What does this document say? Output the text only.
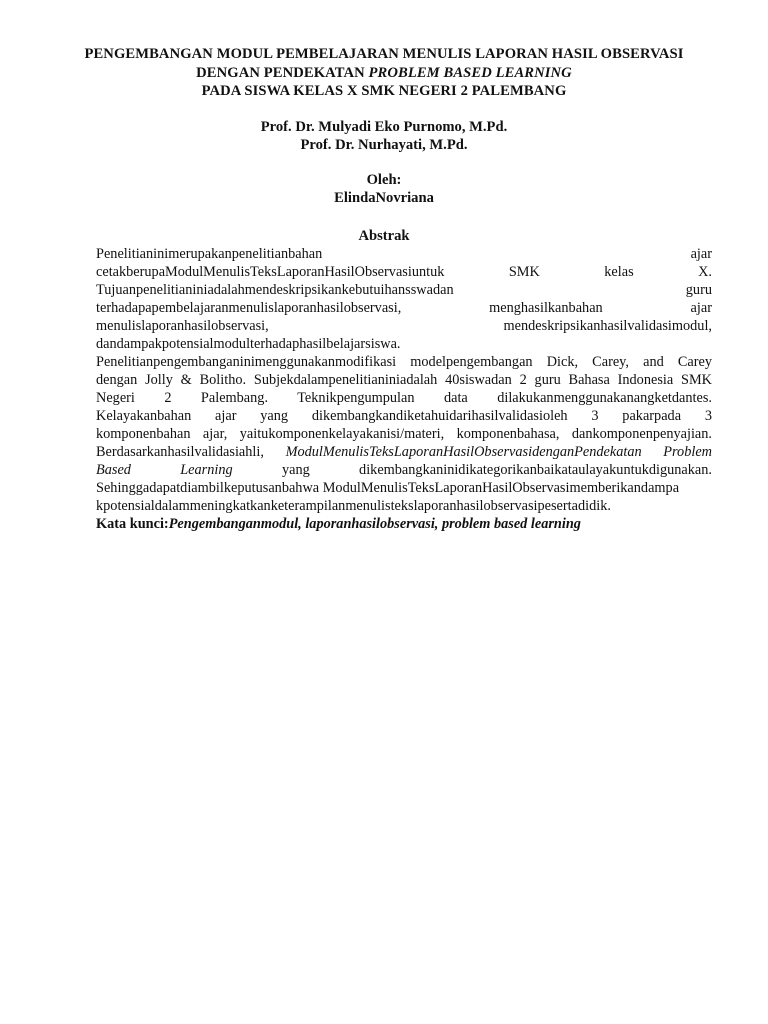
PENGEMBANGAN MODUL PEMBELAJARAN MENULIS LAPORAN HASIL OBSERVASI
DENGAN PENDEKATAN PROBLEM BASED LEARNING
PADA SISWA KELAS X SMK NEGERI 2 PALEMBANG
Prof. Dr. Mulyadi Eko Purnomo, M.Pd.
Prof. Dr. Nurhayati, M.Pd.
Oleh:
ElindaNovriana
Abstrak
Penelitianinimerupakanpenelitianbahan ajar
cetakberupaModulMenulisTeksLaporanHasilObservasiuntuk SMK kelas X.
Tujuanpenelitianiniadalahmendeskripsikankebutuihansswadan guru
terhadapapembelajaranmenulislaporanhasilobservasi, menghasilkanbahan ajar
menulislaporanhasilobservasi, mendeskripsikanhasilvalidasimodul,
dandampakpotensialmodulterhadaphasilbelajarsiswa.
Penelitianpengembanganinimenggunakanmodifikasi modelpengembangan Dick, Carey, and Carey
dengan Jolly & Bolitho. Subjekdalampenelitianiniadalah 40siswadan 2 guru Bahasa Indonesia SMK
Negeri 2 Palembang. Teknikpengumpulan data dilakukanmenggunakanangketdantes.
Kelayakanbahan ajar yang dikembangkandiketahuidarihasilvalidasioleh 3 pakarpada 3
komponenbahan ajar, yaitukomponenkelayakanisi/materi, komponenbahasa, dankomponenpenyajian.
Berdasarkanhasilvalidasiahli, ModulMenulisTeksLaporanHasilObservasidenganPendekatan Problem
Based Learning yang dikembangkaninidikategorikanbaikataulayakuntukdigunakan.
Sehinggadapatdiambilkeputusanbahwa ModulMenulisTeksLaporanHasilObservasimemberikandampa
kpotensialdalammeningkatkanketerampilanmenulistekslaporanhasilobservasipesertadidik.
Kata kunci:Pengembanganmodul, laporanhasilobservasi, problem based learning
